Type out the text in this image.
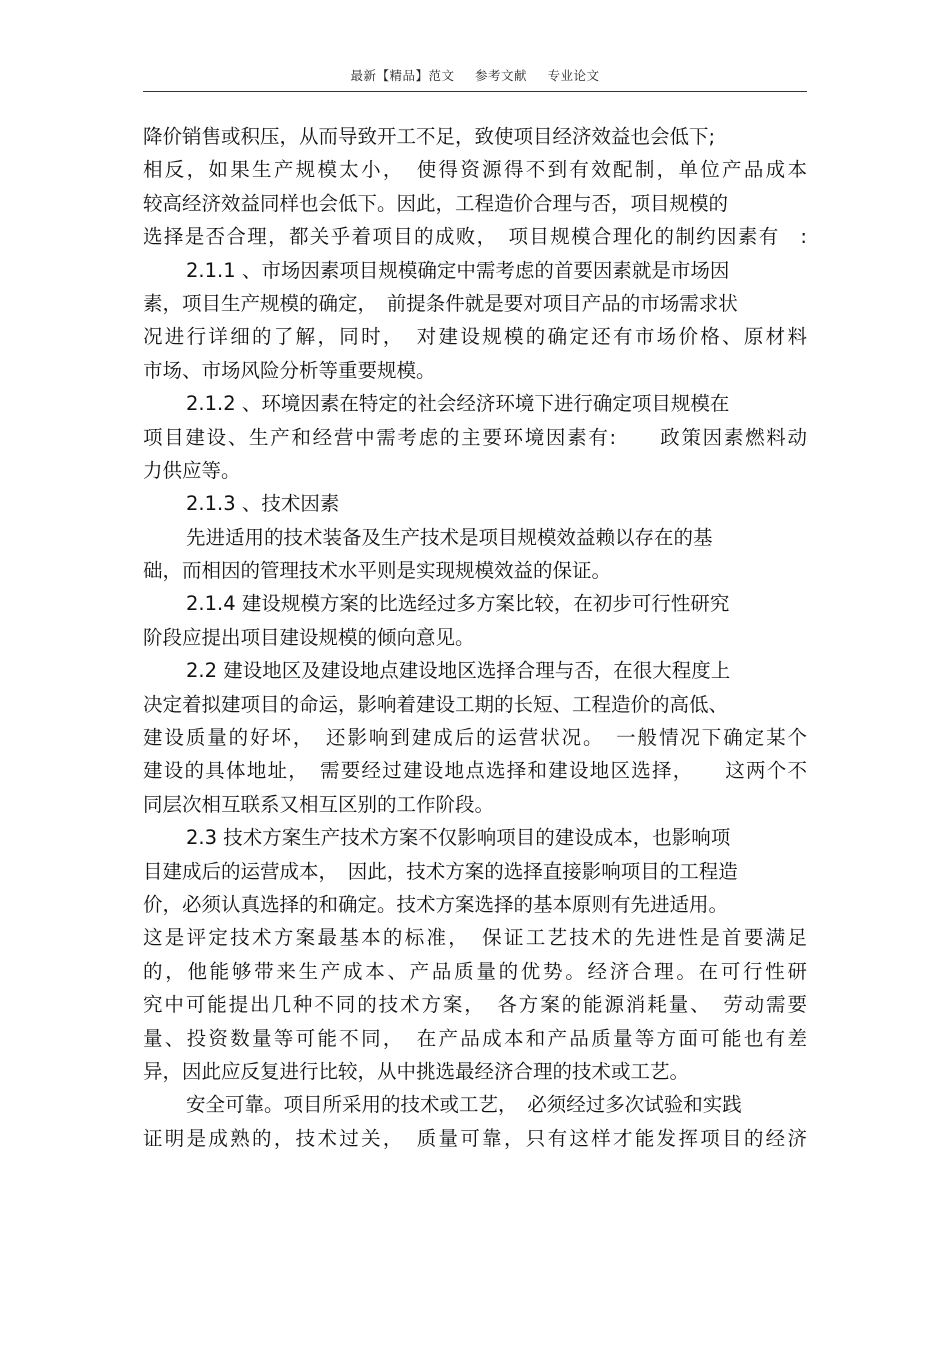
最新【精品】范文 参考文献 专业论文
降价销售或积压，从而导致开工不足，致使项目经济效益也会低下;
相反，如果生产规模太小，　使得资源得不到有效配制，单位产品成本
较高经济效益同样也会低下。因此，工程造价合理与否，项目规模的
选择是否合理，都关乎着项目的成败，　项目规模合理化的制约因素有　:
2.1.1 、市场因素项目规模确定中需考虑的首要因素就是市场因
素，项目生产规模的确定，　前提条件就是要对项目产品的市场需求状
况进行详细的了解，同时，　对建设规模的确定还有市场价格、原材料
市场、市场风险分析等重要规模。
2.1.2 、环境因素在特定的社会经济环境下进行确定项目规模在
项目建设、生产和经营中需考虑的主要环境因素有:　　政策因素燃料动
力供应等。
2.1.3 、技术因素
先进适用的技术装备及生产技术是项目规模效益赖以存在的基
础，而相因的管理技术水平则是实现规模效益的保证。
2.1.4 建设规模方案的比选经过多方案比较，在初步可行性研究
阶段应提出项目建设规模的倾向意见。
2.2 建设地区及建设地点建设地区选择合理与否，在很大程度上
决定着拟建项目的命运，影响着建设工期的长短、工程造价的高低、
建设质量的好坏，　还影响到建成后的运营状况。　一般情况下确定某个
建设的具体地址，　需要经过建设地点选择和建设地区选择，　　这两个不
同层次相互联系又相互区别的工作阶段。
2.3 技术方案生产技术方案不仅影响项目的建设成本，也影响项
目建成后的运营成本，　因此，技术方案的选择直接影响项目的工程造
价，必须认真选择的和确定。技术方案选择的基本原则有先进适用。
这是评定技术方案最基本的标准，　保证工艺技术的先进性是首要满足
的，他能够带来生产成本、产品质量的优势。经济合理。在可行性研
究中可能提出几种不同的技术方案，　各方案的能源消耗量、　劳动需要
量、投资数量等可能不同，　在产品成本和产品质量等方面可能也有差
异，因此应反复进行比较，从中挑选最经济合理的技术或工艺。
安全可靠。项目所采用的技术或工艺，　必须经过多次试验和实践
证明是成熟的，技术过关，　质量可靠，只有这样才能发挥项目的经济
